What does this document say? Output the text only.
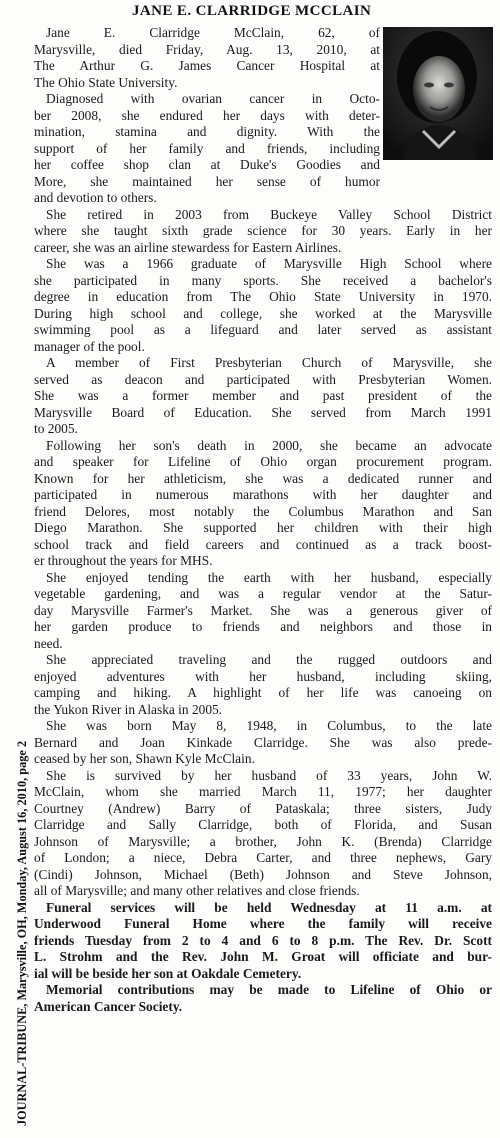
JOURNAL-TRIBUNE, Marysville, OH, Monday, August 16, 2010, page 2
JANE E. CLARRIDGE MCCLAIN
Jane E. Clarridge McClain, 62, of
Marysville, died Friday, Aug. 13, 2010, at
The Arthur G. James Cancer Hospital at
The Ohio State University.
Diagnosed with ovarian cancer in Octo-
ber 2008, she endured her days with deter-
mination, stamina and dignity. With the
support of her family and friends, including
her coffee shop clan at Duke's Goodies and
More, she maintained her sense of humor
and devotion to others.
She retired in 2003 from Buckeye Valley School District
where she taught sixth grade science for 30 years. Early in her
career, she was an airline stewardess for Eastern Airlines.
She was a 1966 graduate of Marysville High School where
she participated in many sports. She received a bachelor's
degree in education from The Ohio State University in 1970.
During high school and college, she worked at the Marysville
swimming pool as a lifeguard and later served as assistant
manager of the pool.
A member of First Presbyterian Church of Marysville, she
served as deacon and participated with Presbyterian Women.
She was a former member and past president of the
Marysville Board of Education. She served from March 1991
to 2005.
Following her son's death in 2000, she became an advocate
and speaker for Lifeline of Ohio organ procurement program.
Known for her athleticism, she was a dedicated runner and
participated in numerous marathons with her daughter and
friend Delores, most notably the Columbus Marathon and San
Diego Marathon. She supported her children with their high
school track and field careers and continued as a track boost-
er throughout the years for MHS.
She enjoyed tending the earth with her husband, especially
vegetable gardening, and was a regular vendor at the Satur-
day Marysville Farmer's Market. She was a generous giver of
her garden produce to friends and neighbors and those in
need.
She appreciated traveling and the rugged outdoors and
enjoyed adventures with her husband, including skiing,
camping and hiking. A highlight of her life was canoeing on
the Yukon River in Alaska in 2005.
She was born May 8, 1948, in Columbus, to the late
Bernard and Joan Kinkade Clarridge. She was also prede-
ceased by her son, Shawn Kyle McClain.
She is survived by her husband of 33 years, John W.
McClain, whom she married March 11, 1977; her daughter
Courtney (Andrew) Barry of Pataskala; three sisters, Judy
Clarridge and Sally Clarridge, both of Florida, and Susan
Johnson of Marysville; a brother, John K. (Brenda) Clarridge
of London; a niece, Debra Carter, and three nephews, Gary
(Cindi) Johnson, Michael (Beth) Johnson and Steve Johnson,
all of Marysville; and many other relatives and close friends.
Funeral services will be held Wednesday at 11 a.m. at
Underwood Funeral Home where the family will receive
friends Tuesday from 2 to 4 and 6 to 8 p.m. The Rev. Dr. Scott
L. Strohm and the Rev. John M. Groat will officiate and bur-
ial will be beside her son at Oakdale Cemetery.
Memorial contributions may be made to Lifeline of Ohio or
American Cancer Society.
